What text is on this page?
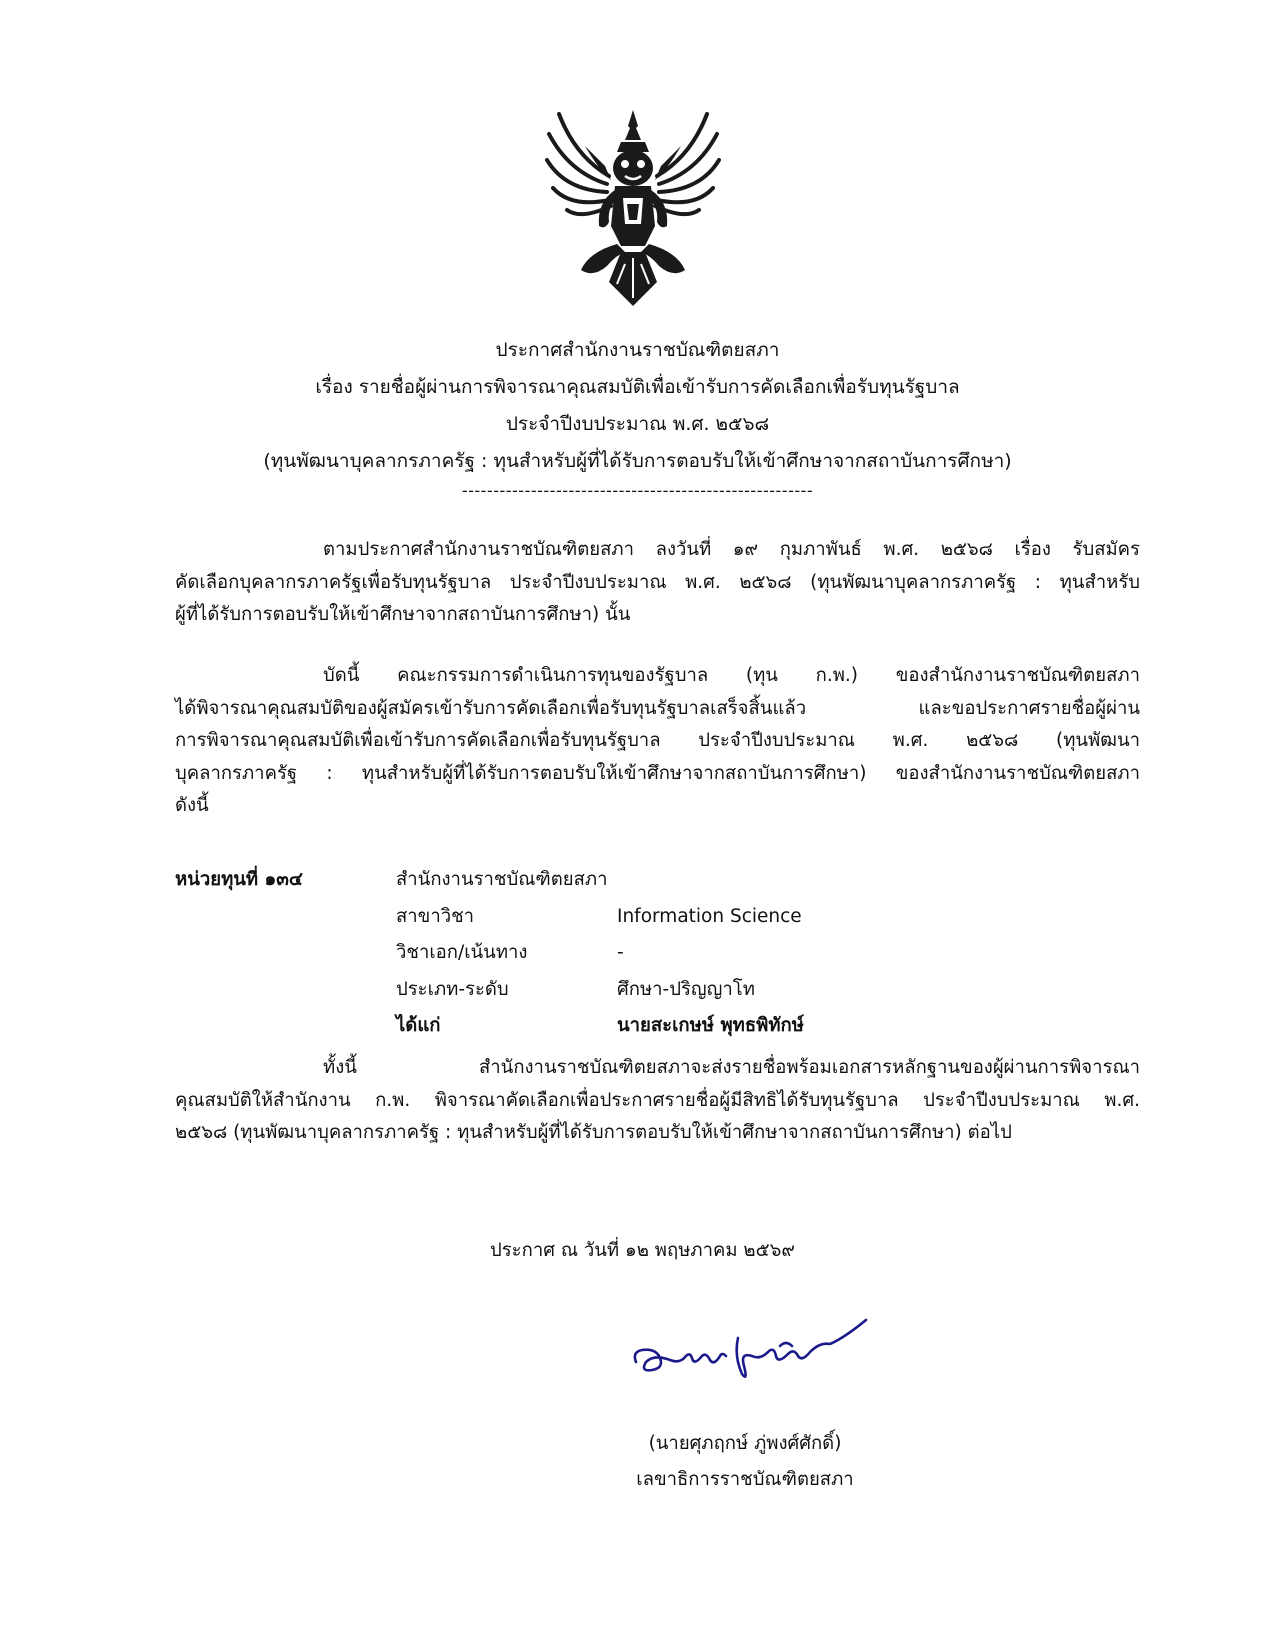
ประกาศสำนักงานราชบัณฑิตยสภา
เรื่อง รายชื่อผู้ผ่านการพิจารณาคุณสมบัติเพื่อเข้ารับการคัดเลือกเพื่อรับทุนรัฐบาล
ประจำปีงบประมาณ พ.ศ. ๒๕๖๘
(ทุนพัฒนาบุคลากรภาครัฐ : ทุนสำหรับผู้ที่ได้รับการตอบรับให้เข้าศึกษาจากสถาบันการศึกษา)
--------------------------------------------------------
ตามประกาศสำนักงานราชบัณฑิตยสภา ลงวันที่ ๑๙ กุมภาพันธ์ พ.ศ. ๒๕๖๘ เรื่อง รับสมัคร
คัดเลือกบุคลากรภาครัฐเพื่อรับทุนรัฐบาล ประจำปีงบประมาณ พ.ศ. ๒๕๖๘ (ทุนพัฒนาบุคลากรภาครัฐ : ทุนสำหรับ
ผู้ที่ได้รับการตอบรับให้เข้าศึกษาจากสถาบันการศึกษา) นั้น
บัดนี้ คณะกรรมการดำเนินการทุนของรัฐบาล (ทุน ก.พ.) ของสำนักงานราชบัณฑิตยสภา
ได้พิจารณาคุณสมบัติของผู้สมัครเข้ารับการคัดเลือกเพื่อรับทุนรัฐบาลเสร็จสิ้นแล้ว และขอประกาศรายชื่อผู้ผ่าน
การพิจารณาคุณสมบัติเพื่อเข้ารับการคัดเลือกเพื่อรับทุนรัฐบาล ประจำปีงบประมาณ พ.ศ. ๒๕๖๘ (ทุนพัฒนา
บุคลากรภาครัฐ : ทุนสำหรับผู้ที่ได้รับการตอบรับให้เข้าศึกษาจากสถาบันการศึกษา) ของสำนักงานราชบัณฑิตยสภา
ดังนี้
หน่วยทุนที่ ๑๓๔	สำนักงานราชบัณฑิตยสภา
สาขาวิชา	Information Science
วิชาเอก/เน้นทาง	-
ประเภท-ระดับ	ศึกษา-ปริญญาโท
ได้แก่	นายสะเกษษ์ พุทธพิทักษ์
ทั้งนี้ สำนักงานราชบัณฑิตยสภาจะส่งรายชื่อพร้อมเอกสารหลักฐานของผู้ผ่านการพิจารณา
คุณสมบัติให้สำนักงาน ก.พ. พิจารณาคัดเลือกเพื่อประกาศรายชื่อผู้มีสิทธิได้รับทุนรัฐบาล ประจำปีงบประมาณ พ.ศ.
๒๕๖๘ (ทุนพัฒนาบุคลากรภาครัฐ : ทุนสำหรับผู้ที่ได้รับการตอบรับให้เข้าศึกษาจากสถาบันการศึกษา) ต่อไป
ประกาศ ณ วันที่ ๑๒ พฤษภาคม ๒๕๖๙
(นายศุภฤกษ์ ภู่พงศ์ศักดิ์)
เลขาธิการราชบัณฑิตยสภา
